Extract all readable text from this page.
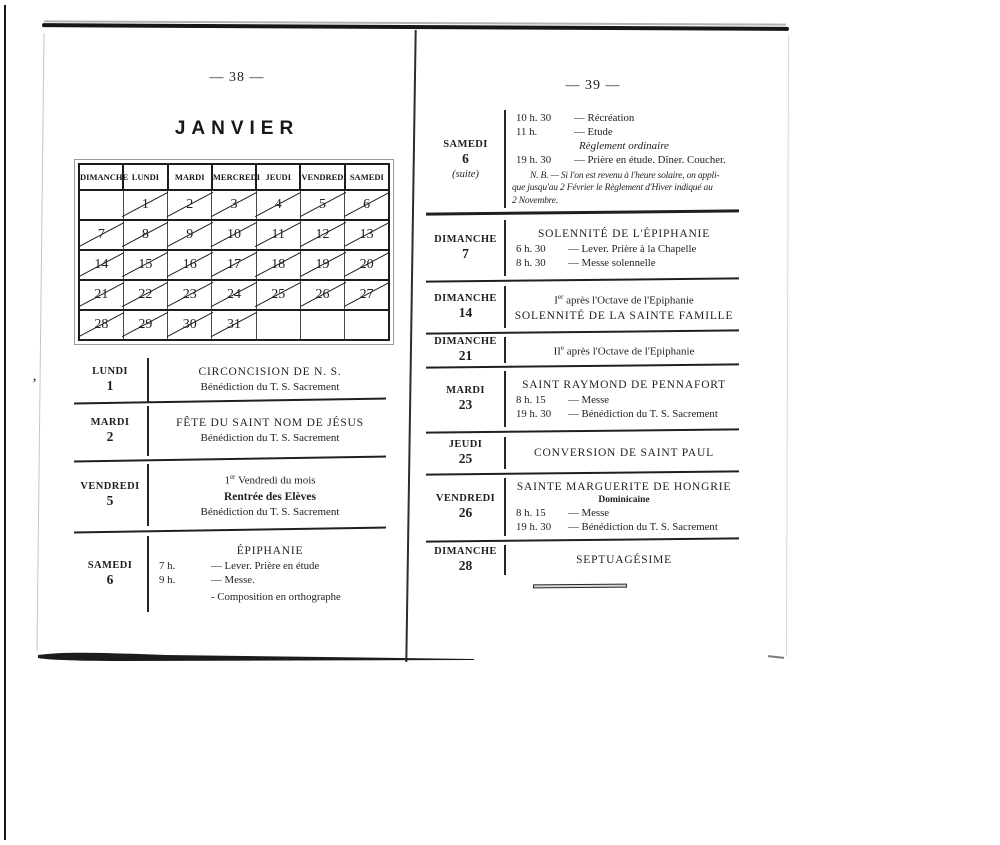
’
— 38 —
JANVIER
DIMANCHE	LUNDI	MARDI	MERCREDI	JEUDI	VENDREDI	SAMEDI
	1	2	3	4	5	6
7	8	9	10	11	12	13
14	15	16	17	18	19	20
21	22	23	24	25	26	27
28	29	30	31			
LUNDI
1
CIRCONCISION DE N. S.
Bénédiction du T. S. Sacrement
MARDI
2
FÊTE DU SAINT NOM DE JÉSUS
Bénédiction du T. S. Sacrement
VENDREDI
5
1er Vendredi du mois
Rentrée des Elèves
Bénédiction du T. S. Sacrement
SAMEDI
6
ÉPIPHANIE
7 h.	— Lever. Prière en étude
9 h.	— Messe.
- Composition en orthographe
— 39 —
SAMEDI
6
(suite)
10 h. 30	— Récréation
11 h.	— Etude
Règlement ordinaire
19 h. 30	— Prière en étude. Dîner. Coucher.
N. B. — Si l'on est revenu à l'heure solaire, on appli-
que jusqu'au 2 Février le Règlement d'Hiver indiqué au
2 Novembre.
DIMANCHE
7
SOLENNITÉ DE L'ÉPIPHANIE
6 h. 30	— Lever. Prière à la Chapelle
8 h. 30	— Messe solennelle
DIMANCHE
14
Ier après l'Octave de l'Epiphanie
SOLENNITÉ DE LA SAINTE FAMILLE
DIMANCHE
21	IIe après l'Octave de l'Epiphanie
MARDI
23
SAINT RAYMOND DE PENNAFORT
8 h. 15	— Messe
19 h. 30	— Bénédiction du T. S. Sacrement
JEUDI
25	CONVERSION DE SAINT PAUL
VENDREDI
26
SAINTE MARGUERITE DE HONGRIE
Dominicaine
8 h. 15	— Messe
19 h. 30	— Bénédiction du T. S. Sacrement
DIMANCHE
28	SEPTUAGÉSIME
